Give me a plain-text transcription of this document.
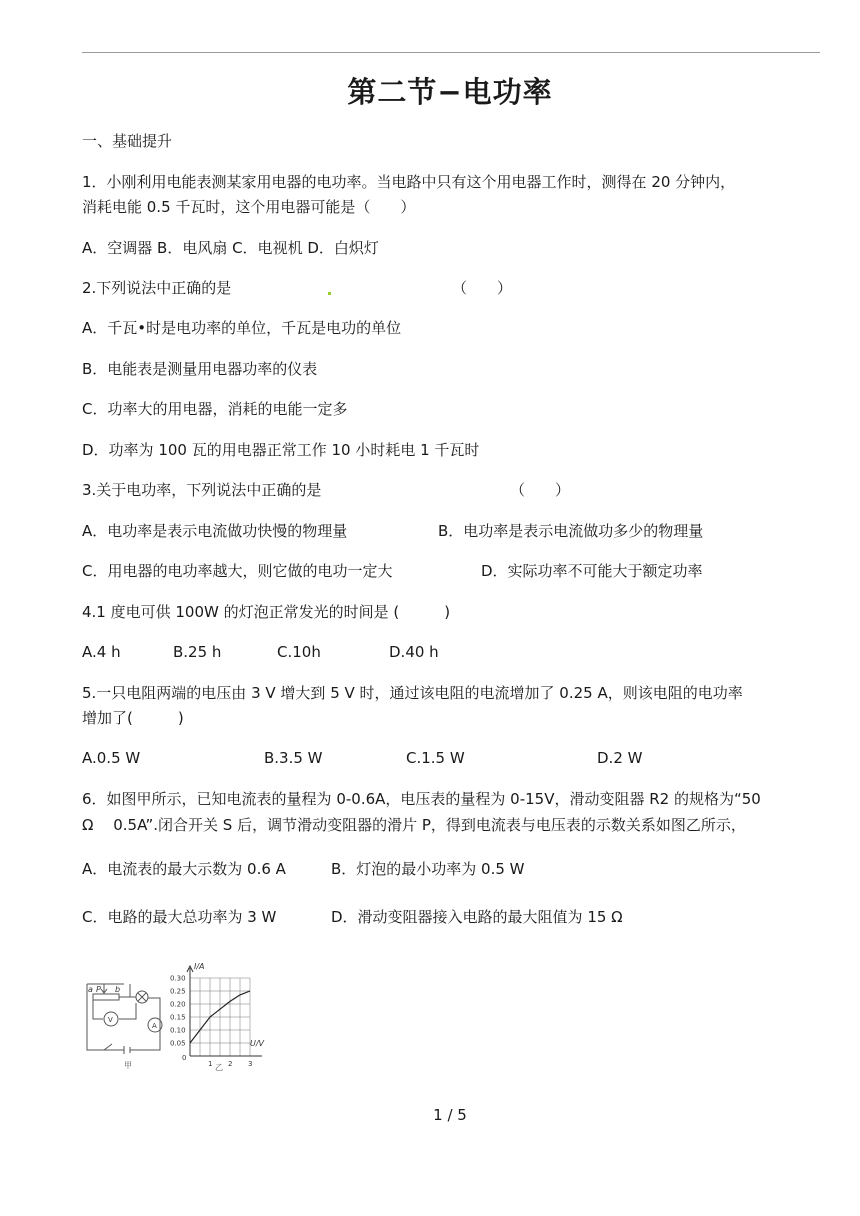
第二节−电功率
一、基础提升
1．小刚利用电能表测某家用电器的电功率。当电路中只有这个用电器工作时，测得在 20 分钟内，
消耗电能 0.5 千瓦时，这个用电器可能是（　　）
A．空调器 B．电风扇 C．电视机 D．白炽灯
2.下列说法中正确的是	（　　）
A．千瓦•时是电功率的单位，千瓦是电功的单位
B．电能表是测量用电器功率的仪表
C．功率大的用电器，消耗的电能一定多
D．功率为 100 瓦的用电器正常工作 10 小时耗电 1 千瓦时
3.关于电功率，下列说法中正确的是	（　　）
A．电功率是表示电流做功快慢的物理量	B．电功率是表示电流做功多少的物理量
C．用电器的电功率越大，则它做的电功一定大	D．实际功率不可能大于额定功率
4.1 度电可供 100W 的灯泡正常发光的时间是 (　　　)
A.4 h	B.25 h	C.10h	D.40 h
5.一只电阻两端的电压由 3 V 增大到 5 V 时，通过该电阻的电流增加了 0.25 A，则该电阻的电功率
增加了(　　　)
A.0.5 W	B.3.5 W	C.1.5 W	D.2 W
6．如图甲所示，已知电流表的量程为 0-0.6A，电压表的量程为 0-15V，滑动变阻器 R2 的规格为“50
Ω　 0.5A”.闭合开关 S 后，调节滑动变阻器的滑片 P，得到电流表与电压表的示数关系如图乙所示，
A．电流表的最大示数为 0.6 A	B．灯泡的最小功率为 0.5 W
C．电路的最大总功率为 3 W	D．滑动变阻器接入电路的最大阻值为 15 Ω
a P b
V
A
甲
0.30
0.25
0.20
0.15
0.10
0.05
1 2 3
I/A
U/V
0
乙
1 / 5
